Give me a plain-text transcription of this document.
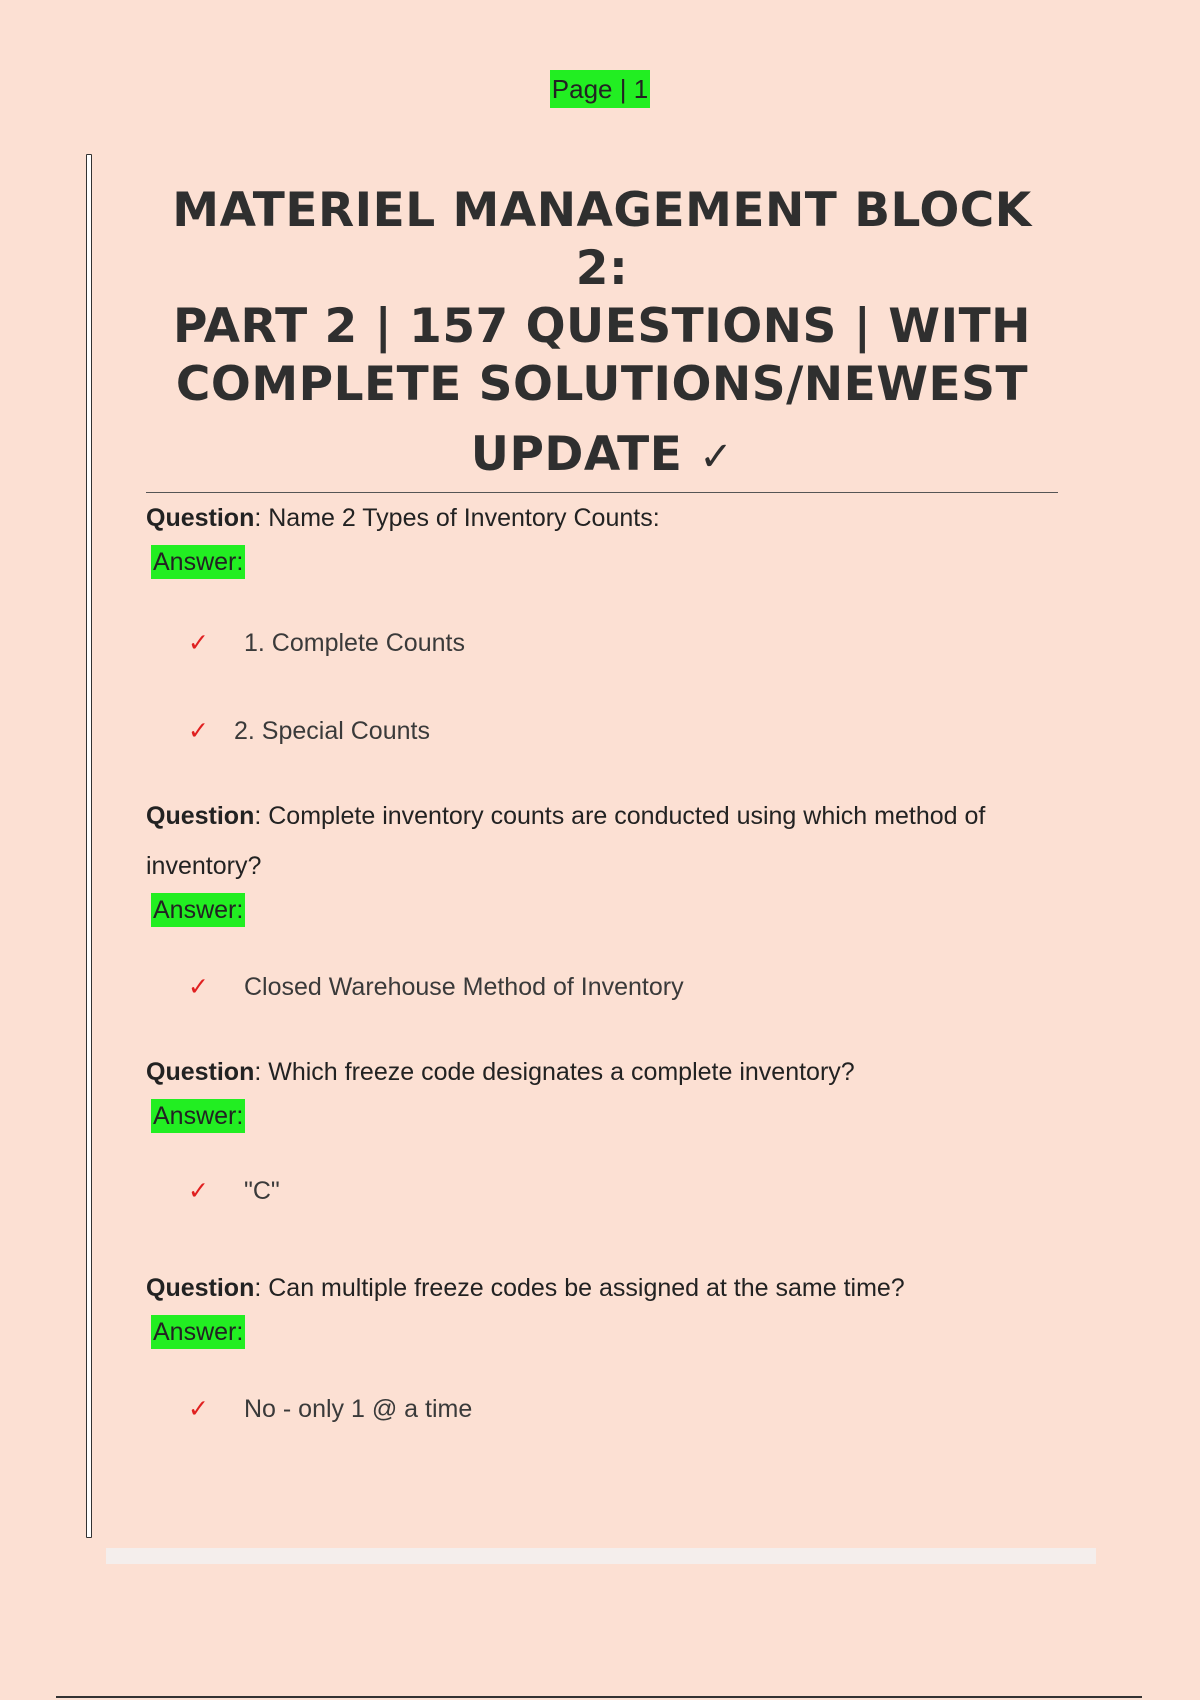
Page | 1
MATERIEL MANAGEMENT BLOCK 2:
PART 2 | 157 QUESTIONS | WITH
COMPLETE SOLUTIONS/NEWEST
UPDATE ✓

Question: Name 2 Types of Inventory Counts:

Answer:
✓ 1. Complete Counts
✓ 2. Special Counts

Question: Complete inventory counts are conducted using which method of
inventory?

Answer:
✓ Closed Warehouse Method of Inventory

Question: Which freeze code designates a complete inventory?

Answer:
✓ "C"

Question: Can multiple freeze codes be assigned at the same time?

Answer:
✓ No - only 1 @ a time
